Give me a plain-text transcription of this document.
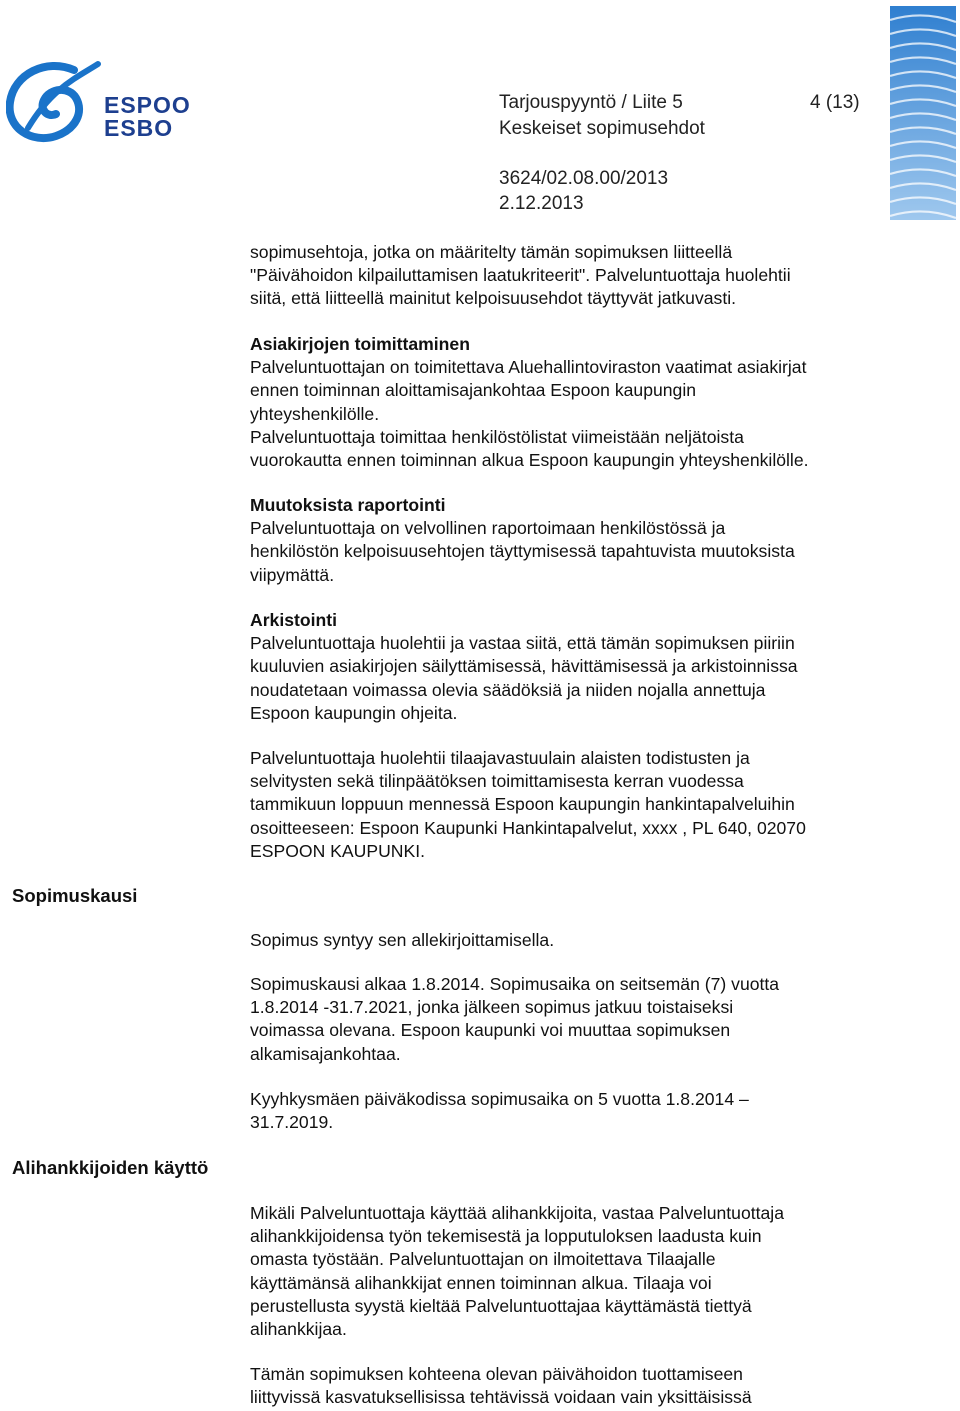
ESPOO
ESBO
Tarjouspyyntö / Liite 5
Keskeiset sopimusehdot
4 (13)
3624/02.08.00/2013
2.12.2013
Sopimuskausi
Alihankkijoiden käyttö

sopimusehtoja, jotka on määritelty tämän sopimuksen liitteellä

"Päivähoidon kilpailuttamisen laatukriteerit". Palveluntuottaja huolehtii

siitä, että liitteellä mainitut kelpoisuusehdot täyttyvät jatkuvasti.

Asiakirjojen toimittaminen

Palveluntuottajan on toimitettava Aluehallintoviraston vaatimat asiakirjat

ennen toiminnan aloittamisajankohtaa Espoon kaupungin

yhteyshenkilölle.

Palveluntuottaja toimittaa henkilöstölistat viimeistään neljätoista

vuorokautta ennen toiminnan alkua Espoon kaupungin yhteyshenkilölle.

Muutoksista raportointi

Palveluntuottaja on velvollinen raportoimaan henkilöstössä ja

henkilöstön kelpoisuusehtojen täyttymisessä tapahtuvista muutoksista

viipymättä.

Arkistointi

Palveluntuottaja huolehtii ja vastaa siitä, että tämän sopimuksen piiriin

kuuluvien asiakirjojen säilyttämisessä, hävittämisessä ja arkistoinnissa

noudatetaan voimassa olevia säädöksiä ja niiden nojalla annettuja

Espoon kaupungin ohjeita.

Palveluntuottaja huolehtii tilaajavastuulain alaisten todistusten ja

selvitysten sekä tilinpäätöksen toimittamisesta kerran vuodessa

tammikuun loppuun mennessä Espoon kaupungin hankintapalveluihin

osoitteeseen: Espoon Kaupunki Hankintapalvelut, xxxx , PL 640, 02070

ESPOON KAUPUNKI.

Sopimus syntyy sen allekirjoittamisella.

Sopimuskausi alkaa 1.8.2014. Sopimusaika on seitsemän (7) vuotta

1.8.2014 -31.7.2021, jonka jälkeen sopimus jatkuu toistaiseksi

voimassa olevana. Espoon kaupunki voi muuttaa sopimuksen

alkamisajankohtaa.

Kyyhkysmäen päiväkodissa sopimusaika on 5 vuotta 1.8.2014 –

31.7.2019.

Mikäli Palveluntuottaja käyttää alihankkijoita, vastaa Palveluntuottaja

alihankkijoidensa työn tekemisestä ja lopputuloksen laadusta kuin

omasta työstään. Palveluntuottajan on ilmoitettava Tilaajalle

käyttämänsä alihankkijat ennen toiminnan alkua. Tilaaja voi

perustellusta syystä kieltää Palveluntuottajaa käyttämästä tiettyä

alihankkijaa.

Tämän sopimuksen kohteena olevan päivähoidon tuottamiseen

liittyvissä kasvatuksellisissa tehtävissä voidaan vain yksittäisissä
